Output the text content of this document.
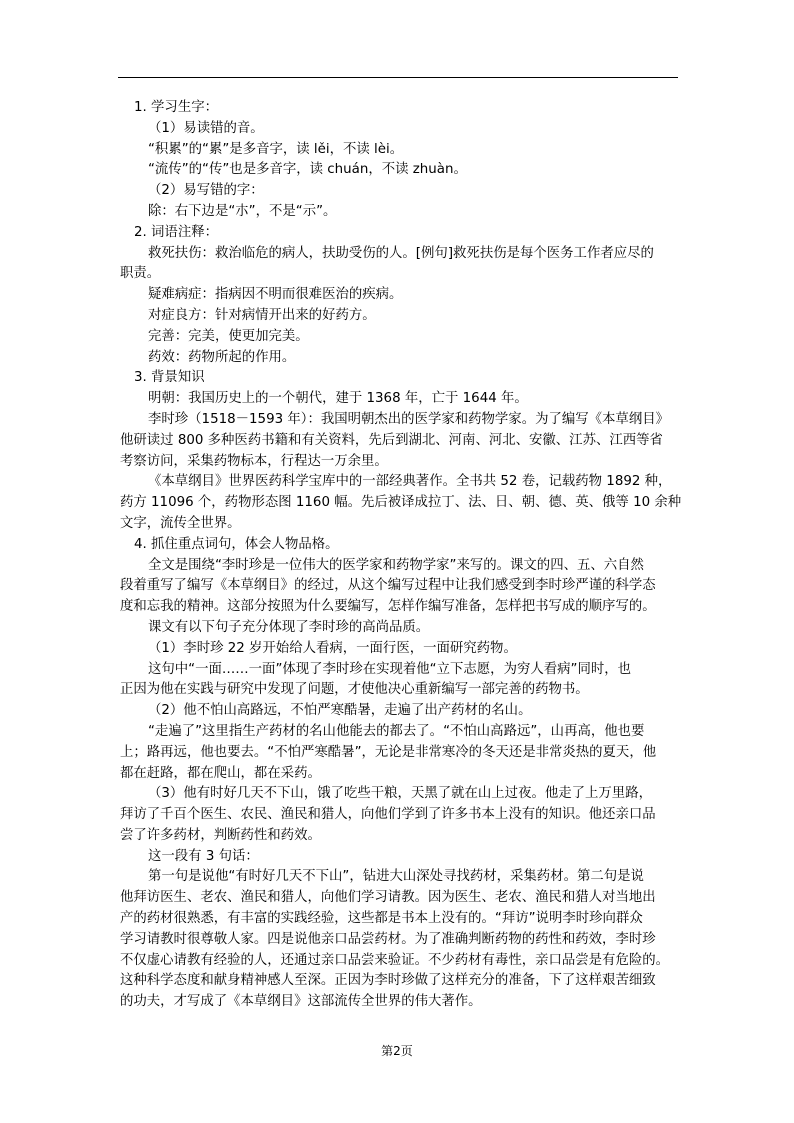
1. 学习生字：
（1）易读错的音。
“积累”的“累”是多音字，读 lěi，不读 lèi。
“流传”的“传”也是多音字，读 chuán，不读 zhuàn。
（2）易写错的字：
除：右下边是“朩”，不是“示”。
2. 词语注释：
救死扶伤：救治临危的病人，扶助受伤的人。[例句]救死扶伤是每个医务工作者应尽的
职责。
疑难病症：指病因不明而很难医治的疾病。
对症良方：针对病情开出来的好药方。
完善：完美，使更加完美。
药效：药物所起的作用。
3. 背景知识
明朝：我国历史上的一个朝代，建于 1368 年，亡于 1644 年。
李时珍（1518－1593 年）：我国明朝杰出的医学家和药物学家。为了编写《本草纲目》
他研读过 800 多种医药书籍和有关资料，先后到湖北、河南、河北、安徽、江苏、江西等省
考察访问，采集药物标本，行程达一万余里。
《本草纲目》世界医药科学宝库中的一部经典著作。全书共 52 卷，记载药物 1892 种，
药方 11096 个，药物形态图 1160 幅。先后被译成拉丁、法、日、朝、德、英、俄等 10 余种
文字，流传全世界。
4. 抓住重点词句，体会人物品格。
全文是围绕“李时珍是一位伟大的医学家和药物学家”来写的。课文的四、五、六自然
段着重写了编写《本草纲目》的经过，从这个编写过程中让我们感受到李时珍严谨的科学态
度和忘我的精神。这部分按照为什么要编写，怎样作编写准备，怎样把书写成的顺序写的。
课文有以下句子充分体现了李时珍的高尚品质。
（1）李时珍 22 岁开始给人看病，一面行医，一面研究药物。
这句中“一面……一面”体现了李时珍在实现着他“立下志愿，为穷人看病”同时，也
正因为他在实践与研究中发现了问题，才使他决心重新编写一部完善的药物书。
（2）他不怕山高路远，不怕严寒酷暑，走遍了出产药材的名山。
“走遍了”这里指生产药材的名山他能去的都去了。“不怕山高路远”，山再高，他也要
上；路再远，他也要去。“不怕严寒酷暑”，无论是非常寒冷的冬天还是非常炎热的夏天，他
都在赶路，都在爬山，都在采药。
（3）他有时好几天不下山，饿了吃些干粮，天黑了就在山上过夜。他走了上万里路，
拜访了千百个医生、农民、渔民和猎人，向他们学到了许多书本上没有的知识。他还亲口品
尝了许多药材，判断药性和药效。
这一段有 3 句话：
第一句是说他“有时好几天不下山”，钻进大山深处寻找药材，采集药材。第二句是说
他拜访医生、老农、渔民和猎人，向他们学习请教。因为医生、老农、渔民和猎人对当地出
产的药材很熟悉，有丰富的实践经验，这些都是书本上没有的。“拜访”说明李时珍向群众
学习请教时很尊敬人家。四是说他亲口品尝药材。为了准确判断药物的药性和药效，李时珍
不仅虚心请教有经验的人，还通过亲口品尝来验证。不少药材有毒性，亲口品尝是有危险的。
这种科学态度和献身精神感人至深。正因为李时珍做了这样充分的准备，下了这样艰苦细致
的功夫，才写成了《本草纲目》这部流传全世界的伟大著作。
第2页
